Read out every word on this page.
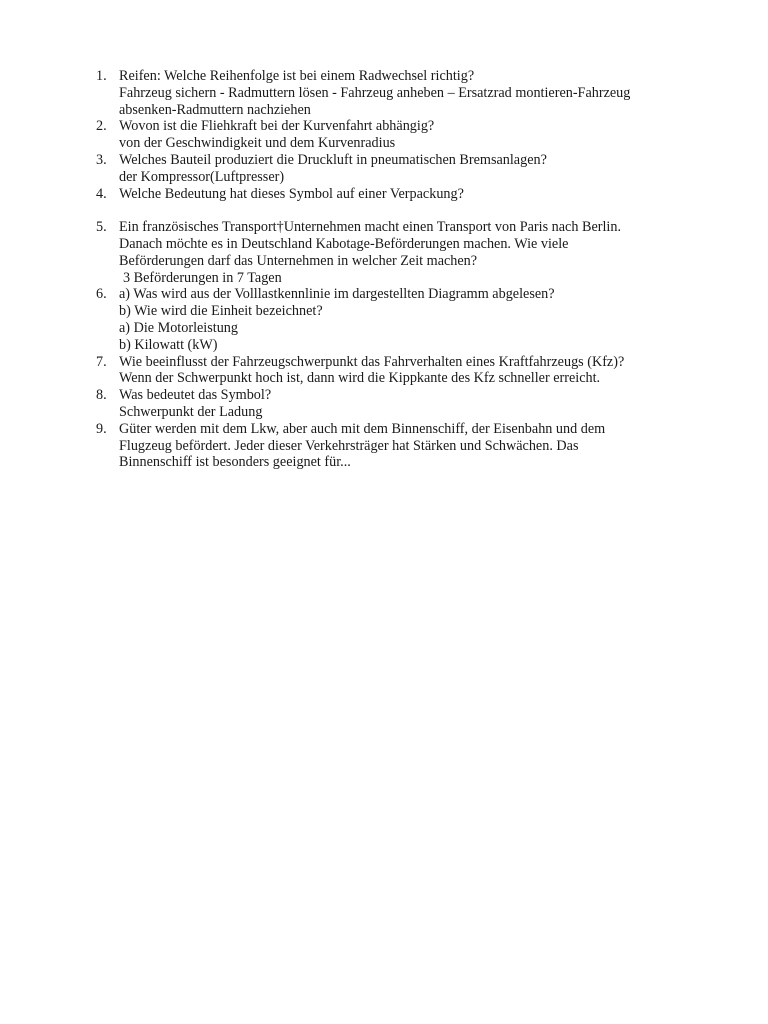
1. Reifen: Welche Reihenfolge ist bei einem Radwechsel richtig?
Fahrzeug sichern - Radmuttern lösen - Fahrzeug anheben – Ersatzrad montieren-Fahrzeug
absenken-Radmuttern nachziehen
2. Wovon ist die Fliehkraft bei der Kurvenfahrt abhängig?
von der Geschwindigkeit und dem Kurvenradius
3. Welches Bauteil produziert die Druckluft in pneumatischen Bremsanlagen?
der Kompressor(Luftpresser)
4. Welche Bedeutung hat dieses Symbol auf einer Verpackung?
5. Ein französisches Transport†Unternehmen macht einen Transport von Paris nach Berlin.
Danach möchte es in Deutschland Kabotage-Beförderungen machen. Wie viele
Beförderungen darf das Unternehmen in welcher Zeit machen?
3 Beförderungen in 7 Tagen
6. a) Was wird aus der Volllastkennlinie im dargestellten Diagramm abgelesen?
b) Wie wird die Einheit bezeichnet?
a) Die Motorleistung
b) Kilowatt (kW)
7. Wie beeinflusst der Fahrzeugschwerpunkt das Fahrverhalten eines Kraftfahrzeugs (Kfz)?
Wenn der Schwerpunkt hoch ist, dann wird die Kippkante des Kfz schneller erreicht.
8. Was bedeutet das Symbol?
Schwerpunkt der Ladung
9. Güter werden mit dem Lkw, aber auch mit dem Binnenschiff, der Eisenbahn und dem
Flugzeug befördert. Jeder dieser Verkehrsträger hat Stärken und Schwächen. Das
Binnenschiff ist besonders geeignet für...
